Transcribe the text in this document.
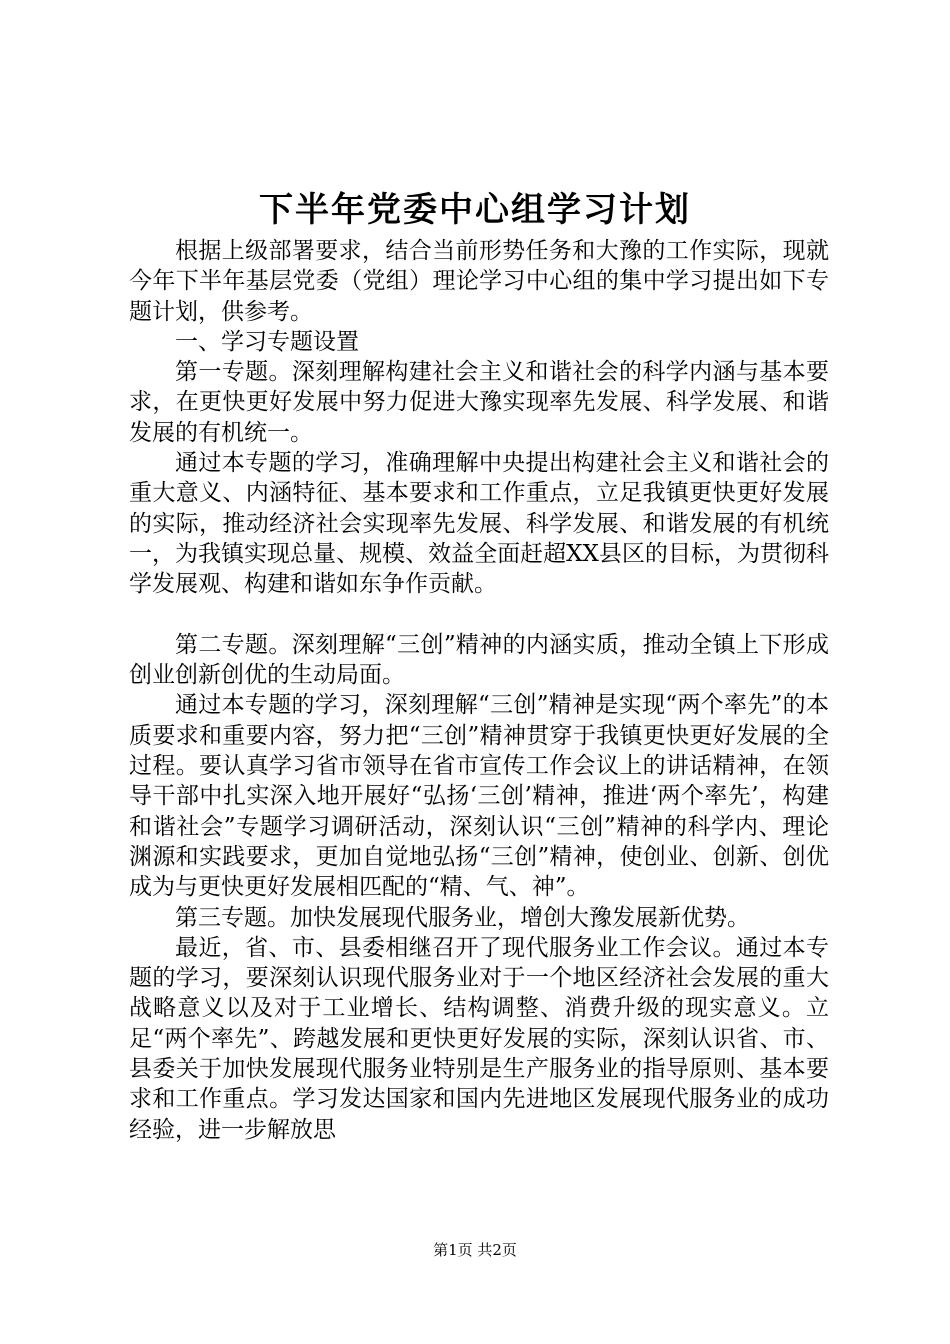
下半年党委中心组学习计划

根据上级部署要求，结合当前形势任务和大豫的工作实际，现就今年下半年基层党委（党组）理论学习中心组的集中学习提出如下专题计划，供参考。

一、学习专题设置

第一专题。深刻理解构建社会主义和谐社会的科学内涵与基本要求，在更快更好发展中努力促进大豫实现率先发展、科学发展、和谐发展的有机统一。

通过本专题的学习，准确理解中央提出构建社会主义和谐社会的重大意义、内涵特征、基本要求和工作重点，立足我镇更快更好发展的实际，推动经济社会实现率先发展、科学发展、和谐发展的有机统一，为我镇实现总量、规模、效益全面赶超XX县区的目标，为贯彻科学发展观、构建和谐如东争作贡献。

第二专题。深刻理解“三创”精神的内涵实质，推动全镇上下形成创业创新创优的生动局面。

通过本专题的学习，深刻理解“三创”精神是实现“两个率先”的本质要求和重要内容，努力把“三创”精神贯穿于我镇更快更好发展的全过程。要认真学习省市领导在省市宣传工作会议上的讲话精神，在领导干部中扎实深入地开展好“弘扬‘三创’精神，推进‘两个率先’，构建和谐社会”专题学习调研活动，深刻认识“三创”精神的科学内、理论渊源和实践要求，更加自觉地弘扬“三创”精神，使创业、创新、创优成为与更快更好发展相匹配的“精、气、神”。

第三专题。加快发展现代服务业，增创大豫发展新优势。

最近，省、市、县委相继召开了现代服务业工作会议。通过本专题的学习，要深刻认识现代服务业对于一个地区经济社会发展的重大战略意义以及对于工业增长、结构调整、消费升级的现实意义。立足“两个率先”、跨越发展和更快更好发展的实际，深刻认识省、市、县委关于加快发展现代服务业特别是生产服务业的指导原则、基本要求和工作重点。学习发达国家和国内先进地区发展现代服务业的成功经验，进一步解放思

第1页 共2页
